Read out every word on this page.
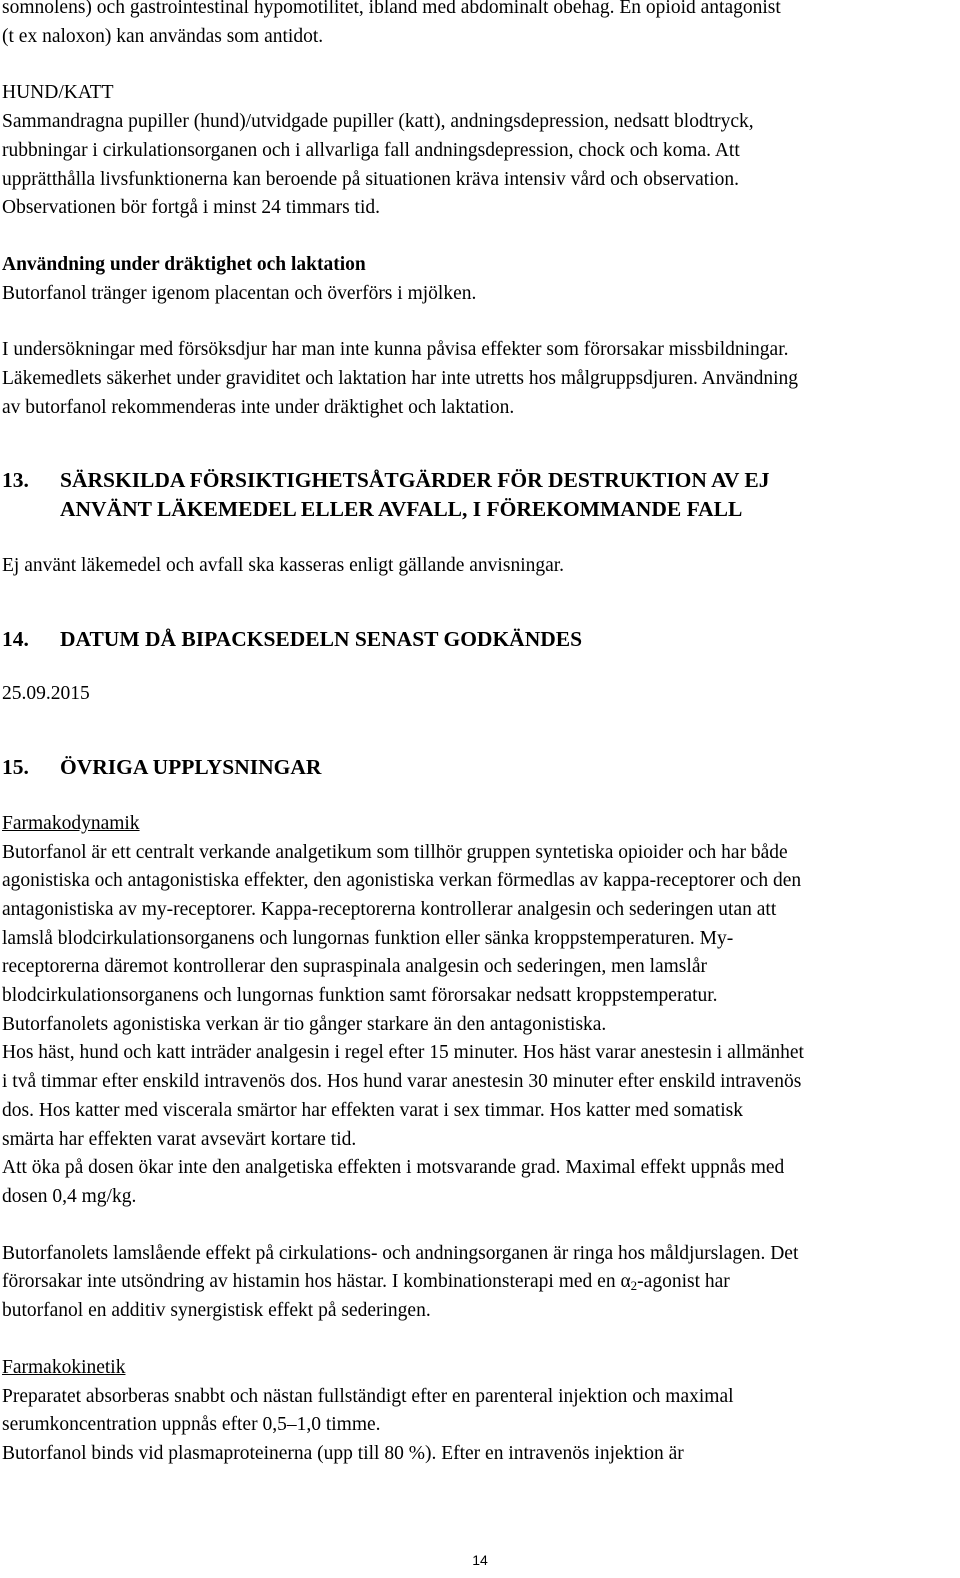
somnolens) och gastrointestinal hypomotilitet, ibland med abdominalt obehag. En opioid antagonist
(t ex naloxon) kan användas som antidot.

HUND/KATT
Sammandragna pupiller (hund)/utvidgade pupiller (katt), andningsdepression, nedsatt blodtryck,
rubbningar i cirkulationsorganen och i allvarliga fall andningsdepression, chock och koma. Att
upprätthålla livsfunktionerna kan beroende på situationen kräva intensiv vård och observation.
Observationen bör fortgå i minst 24 timmars tid.

Användning under dräktighet och laktation
Butorfanol tränger igenom placentan och överförs i mjölken.

I undersökningar med försöksdjur har man inte kunna påvisa effekter som förorsakar missbildningar.
Läkemedlets säkerhet under graviditet och laktation har inte utretts hos målgruppsdjuren. Användning
av butorfanol rekommenderas inte under dräktighet och laktation.

13.	SÄRSKILDA FÖRSIKTIGHETSÅTGÄRDER FÖR DESTRUKTION AV EJ
ANVÄNT LÄKEMEDEL ELLER AVFALL, I FÖREKOMMANDE FALL

Ej använt läkemedel och avfall ska kasseras enligt gällande anvisningar.

14.	DATUM DÅ BIPACKSEDELN SENAST GODKÄNDES

25.09.2015

15.	ÖVRIGA UPPLYSNINGAR

Farmakodynamik
Butorfanol är ett centralt verkande analgetikum som tillhör gruppen syntetiska opioider och har både
agonistiska och antagonistiska effekter, den agonistiska verkan förmedlas av kappa-receptorer och den
antagonistiska av my-receptorer. Kappa-receptorerna kontrollerar analgesin och sederingen utan att
lamslå blodcirkulationsorganens och lungornas funktion eller sänka kroppstemperaturen. My-
receptorerna däremot kontrollerar den supraspinala analgesin och sederingen, men lamslår
blodcirkulationsorganens och lungornas funktion samt förorsakar nedsatt kroppstemperatur.
Butorfanolets agonistiska verkan är tio gånger starkare än den antagonistiska.
Hos häst, hund och katt inträder analgesin i regel efter 15 minuter. Hos häst varar anestesin i allmänhet
i två timmar efter enskild intravenös dos. Hos hund varar anestesin 30 minuter efter enskild intravenös
dos. Hos katter med viscerala smärtor har effekten varat i sex timmar. Hos katter med somatisk
smärta har effekten varat avsevärt kortare tid.
Att öka på dosen ökar inte den analgetiska effekten i motsvarande grad. Maximal effekt uppnås med
dosen 0,4 mg/kg.

Butorfanolets lamslående effekt på cirkulations- och andningsorganen är ringa hos måldjurslagen. Det
förorsakar inte utsöndring av histamin hos hästar. I kombinationsterapi med en $\alpha_2$-agonist har
butorfanol en additiv synergistisk effekt på sederingen.

Farmakokinetik
Preparatet absorberas snabbt och nästan fullständigt efter en parenteral injektion och maximal
serumkoncentration uppnås efter 0,5–1,0 timme.
Butorfanol binds vid plasmaproteinerna (upp till 80 %). Efter en intravenös injektion är

14
